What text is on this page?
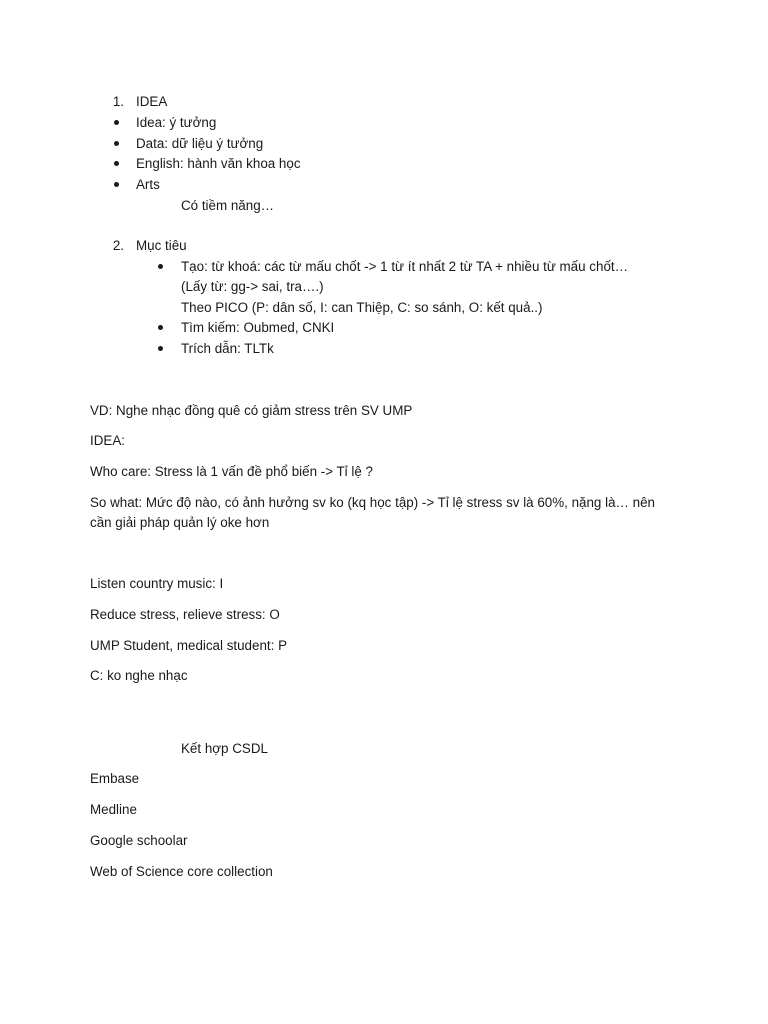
1. IDEA
Idea: ý tưởng
Data: dữ liệu ý tưởng
English: hành văn khoa học
Arts
Có tiềm năng…
2. Mục tiêu
Tạo: từ khoá: các từ mấu chốt -> 1 từ ít nhất 2 từ TA + nhiều từ mấu chốt…
(Lấy từ: gg-> sai, tra….)
Theo PICO (P: dân số, I: can Thiệp, C: so sánh, O: kết quả..)
Tìm kiếm: Oubmed, CNKI
Trích dẫn: TLTk
VD: Nghe nhạc đồng quê có giảm stress trên SV UMP
IDEA:
Who care: Stress là 1 vấn đề phổ biến -> Tỉ lệ ?
So what: Mức độ nào, có ảnh hưởng sv ko (kq học tập) -> Tỉ lệ stress sv là 60%, nặng là… nên
cần giải pháp quản lý oke hơn
Listen country music: I
Reduce stress, relieve stress: O
UMP Student, medical student: P
C: ko nghe nhạc
Kết hợp CSDL
Embase
Medline
Google schoolar
Web of Science core collection
